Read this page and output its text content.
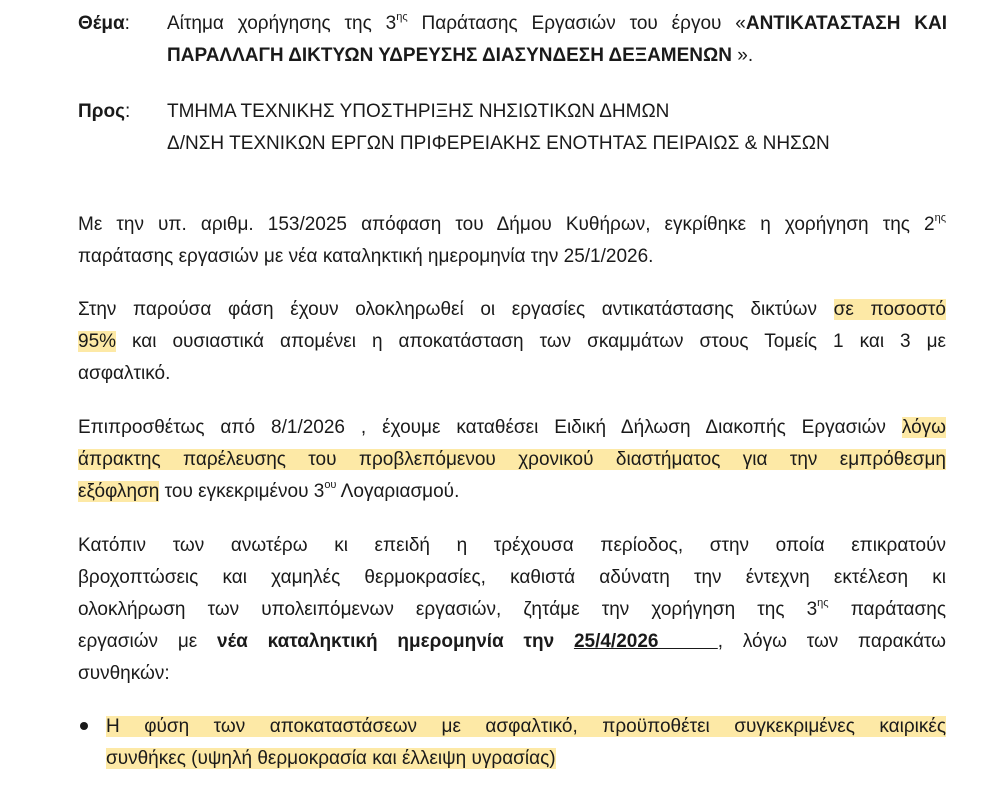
Θέμα: Αίτημα χορήγησης της $3^{\eta\varsigma}$ Παράτασης Εργασιών του έργου «ΑΝΤΙΚΑΤΑΣΤΑΣΗ ΚΑΙ
ΠΑΡΑΛΛΑΓΗ ΔΙΚΤΥΩΝ ΥΔΡΕΥΣΗΣ ΔΙΑΣΥΝΔΕΣΗ ΔΕΞΑΜΕΝΩΝ ».
Προς: ΤΜΗΜΑ ΤΕΧΝΙΚΗΣ ΥΠΟΣΤΗΡΙΞΗΣ ΝΗΣΙΩΤΙΚΩΝ ΔΗΜΩΝ
Δ/ΝΣΗ ΤΕΧΝΙΚΩΝ ΕΡΓΩΝ ΠΡΙΦΕΡΕΙΑΚΗΣ ΕΝΟΤΗΤΑΣ ΠΕΙΡΑΙΩΣ & ΝΗΣΩΝ
Με την υπ. αριθμ. 153/2025 απόφαση του Δήμου Κυθήρων, εγκρίθηκε η χορήγηση της $2^{\eta\varsigma}$
παράτασης εργασιών με νέα καταληκτική ημερομηνία την 25/1/2026.
Στην παρούσα φάση έχουν ολοκληρωθεί οι εργασίες αντικατάστασης δικτύων σε ποσοστό
95% και ουσιαστικά απομένει η αποκατάσταση των σκαμμάτων στους Τομείς 1 και 3 με
ασφαλτικό.
Επιπροσθέτως από 8/1/2026 , έχουμε καταθέσει Ειδική Δήλωση Διακοπής Εργασιών λόγω
άπρακτης παρέλευσης του προβλεπόμενου χρονικού διαστήματος για την εμπρόθεσμη
εξόφληση του εγκεκριμένου $3^{o\upsilon}$ Λογαριασμού.
Κατόπιν των ανωτέρω κι επειδή η τρέχουσα περίοδος, στην οποία επικρατούν
βροχοπτώσεις και χαμηλές θερμοκρασίες, καθιστά αδύνατη την έντεχνη εκτέλεση κι
ολοκλήρωση των υπολειπόμενων εργασιών, ζητάμε την χορήγηση της $3^{\eta\varsigma}$ παράτασης
εργασιών με νέα καταληκτική ημερομηνία την 25/4/2026	, λόγω των παρακάτω
συνθηκών:
Η φύση των αποκαταστάσεων με ασφαλτικό, προϋποθέτει συγκεκριμένες καιρικές
συνθήκες (υψηλή θερμοκρασία και έλλειψη υγρασίας)
